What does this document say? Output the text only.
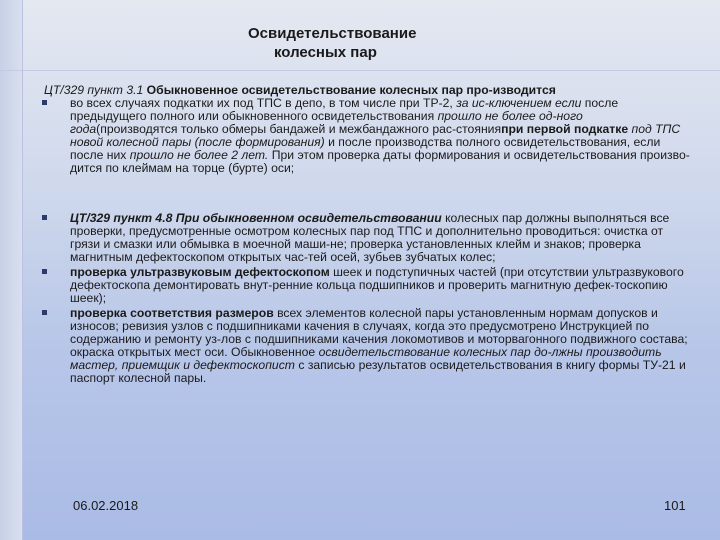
Освидетельствование
колесных пар

ЦТ/329 пункт 3.1 Обыкновенное освидетельствование колесных пар про-изводится

во всех случаях подкатки их под ТПС в депо, в том числе при ТР-2, за ис-ключением если после предыдущего полного или обыкновенного освидетельствования прошло не более од-ного года(производятся только обмеры бандажей и межбандажного рас-стоянияпри первой подкатке под ТПС новой колесной пары (после формирования) и после производства полного освидетельствования, если после них прошло не более 2 лет. При этом проверка даты формирования и освидетельствования произво-дится по клеймам на торце (бурте) оси;
ЦТ/329 пункт 4.8 При обыкновенном освидетельствовании колесных пар должны выполняться все проверки, предусмотренные осмотром колесных пар под ТПС и дополнительно проводиться: очистка от грязи и смазки или обмывка в моечной маши-не; проверка установленных клейм и знаков; проверка магнитным дефектоскопом открытых час-тей осей, зубьев зубчатых колес;
проверка ультразвуковым дефектоскопом шеек и подступичных частей (при отсутствии ультразвукового дефектоскопа демонтировать внут-ренние кольца подшипников и проверить магнитную дефек-тоскопию шеек);
проверка соответствия размеров всех элементов колесной пары установленным нормам допусков и износов; ревизия узлов с подшипниками качения в случаях, когда это предусмотрено Инструкцией по содержанию и ремонту уз-лов с подшипниками качения локомотивов и моторвагонного подвижного состава; окраска открытых мест оси. Обыкновенное освидетельствование колесных пар до-лжны производить мастер, приемщик и дефектоскопист с записью результатов освидетельствования в книгу формы ТУ-21 и паспорт колесной пары.
06.02.2018	101
